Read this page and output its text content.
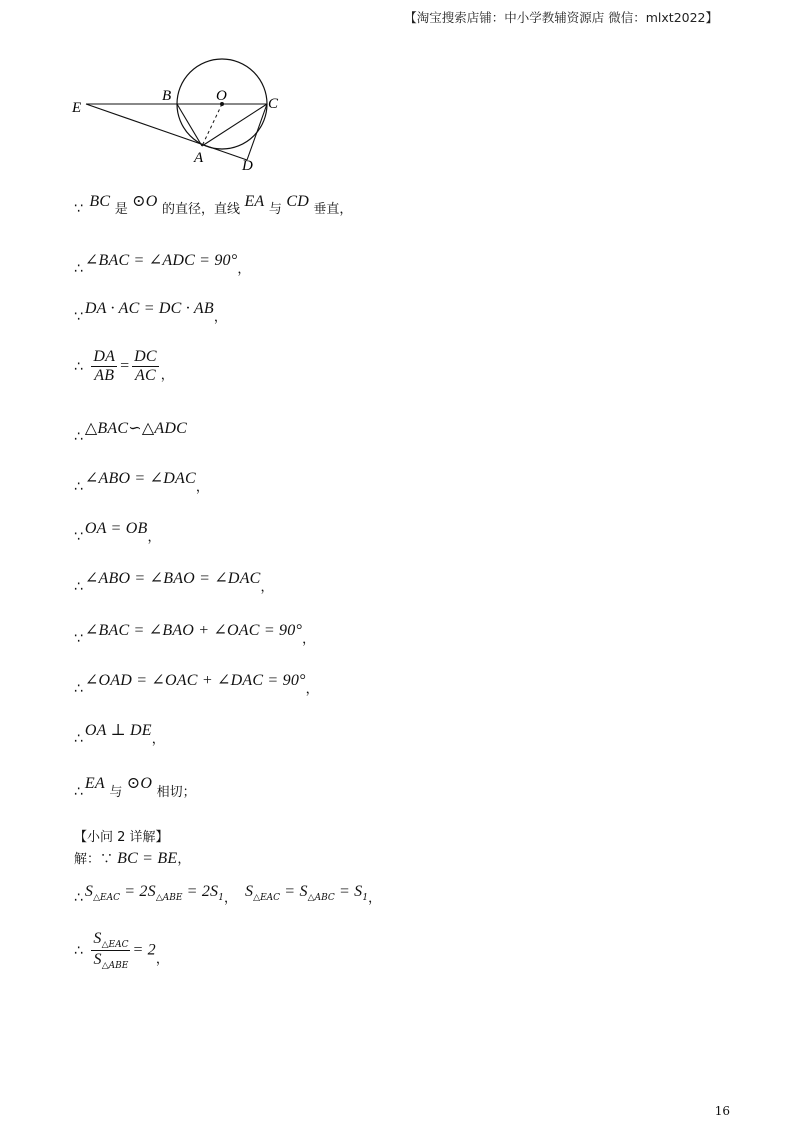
【淘宝搜索店铺：中小学教辅资源店 微信：mlxt2022】
E
B	O	C
A	D
∵ BC 是 ⊙O 的直径，直线 EA 与 CD 垂直，
∴ ∠BAC = ∠ADC = 90°，
∵ DA · AC = DC · AB，
∴ $\frac{DA}{AB} = \frac{DC}{AC}$ ，
∴ △BAC∽△ADC
∴ ∠ABO = ∠DAC，
∵ OA = OB，
∴ ∠ABO = ∠BAO = ∠DAC，
∵ ∠BAC = ∠BAO + ∠OAC = 90°，
∴ ∠OAD = ∠OAC + ∠DAC = 90°，
∴ OA ⊥ DE，
∴ EA 与 ⊙O 相切；
【小问 2 详解】
解：∵ BC = BE，
∴ $S_{\triangle EAC} = 2S_{\triangle ABE} = 2S_1$， $S_{\triangle EAC} = S_{\triangle ABC} = S_1$，
∴ $\frac{S_{\triangle EAC}}{S_{\triangle ABE}} = 2$，
16
